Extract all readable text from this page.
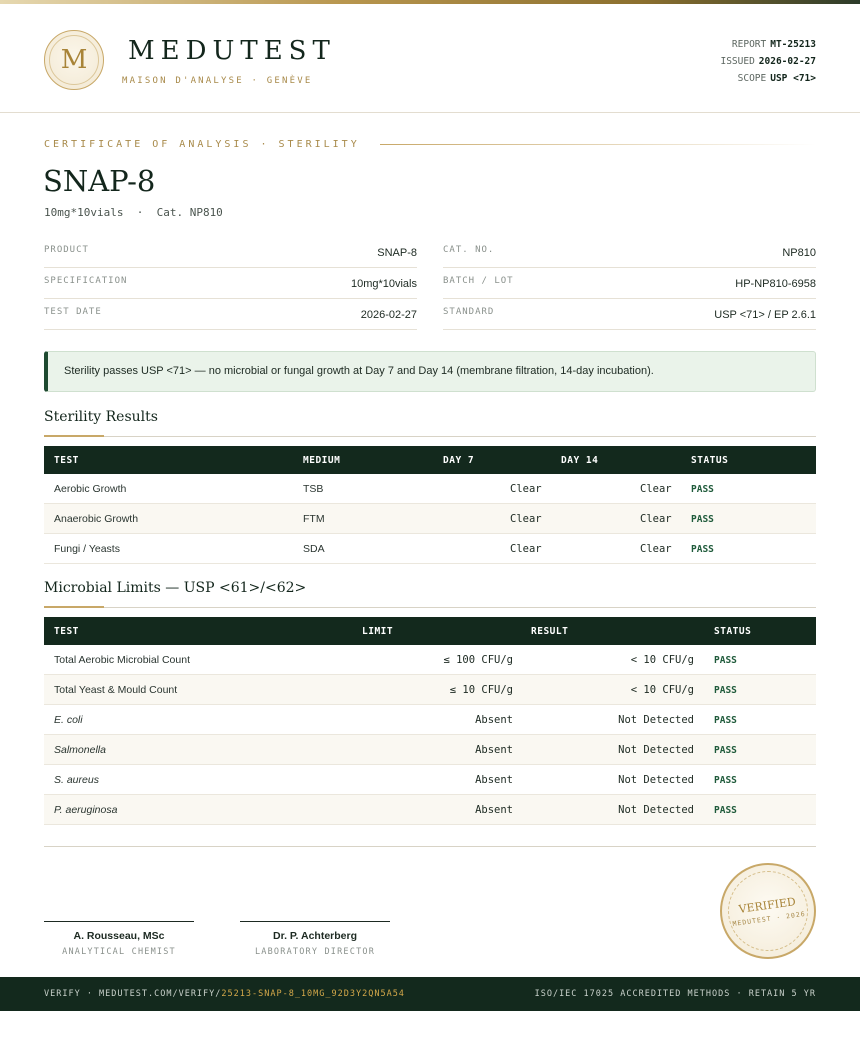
M	MEDUTEST
MAISON D'ANALYSE · GENÈVE
REPORT MT-25213
ISSUED 2026-02-27
SCOPE USP <71>
CERTIFICATE OF ANALYSIS · STERILITY
SNAP-8
10mg*10vials  ·  Cat. NP810
PRODUCT	SNAP-8
SPECIFICATION	10mg*10vials
TEST DATE	2026-02-27
CAT. NO.	NP810
BATCH / LOT	HP-NP810-6958
STANDARD	USP <71> / EP 2.6.1
Sterility passes USP <71> — no microbial or fungal growth at Day 7 and Day 14 (membrane filtration, 14-day incubation).
Sterility Results
TEST	MEDIUM	DAY 7	DAY 14	STATUS
Aerobic Growth	TSB	Clear	Clear PASS
Anaerobic Growth	FTM	Clear	Clear PASS
Fungi / Yeasts	SDA	Clear	Clear PASS
Microbial Limits — USP <61>/<62>
TEST	LIMIT	RESULT	STATUS
Total Aerobic Microbial Count	≤ 100 CFU/g	< 10 CFU/g PASS
Total Yeast & Mould Count	≤ 10 CFU/g	< 10 CFU/g PASS
E. coli	Absent	Not Detected PASS
Salmonella	Absent	Not Detected PASS
S. aureus	Absent	Not Detected PASS
P. aeruginosa	Absent	Not Detected PASS
A. Rousseau, MSc
ANALYTICAL CHEMIST
Dr. P. Achterberg
LABORATORY DIRECTOR
VERIFIED
MEDUTEST · 2026
VERIFY · MEDUTEST.COM/VERIFY/25213-SNAP-8_10MG_92D3Y2QN5A54	ISO/IEC 17025 ACCREDITED METHODS · RETAIN 5 YR
